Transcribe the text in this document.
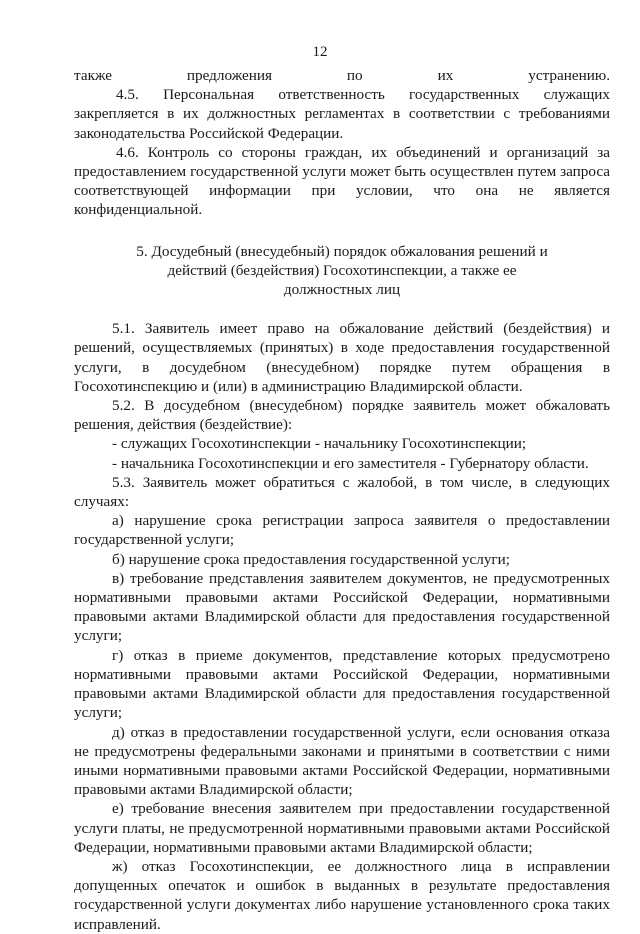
12

также предложения по их устранению.

4.5. Персональная ответственность государственных служащих закрепляется в их должностных регламентах в соответствии с требованиями законодательства Российской Федерации.

4.6. Контроль со стороны граждан, их объединений и организаций за предоставлением государственной услуги может быть осуществлен путем запроса соответствующей информации при условии, что она не является конфиденциальной.

5. Досудебный (внесудебный) порядок обжалования решений и действий (бездействия) Госохотинспекции, а также ее должностных лиц

5.1. Заявитель имеет право на обжалование действий (бездействия) и решений, осуществляемых (принятых) в ходе предоставления государственной услуги, в досудебном (внесудебном) порядке путем обращения в Госохотинспекцию и (или) в администрацию Владимирской области.

5.2. В досудебном (внесудебном) порядке заявитель может обжаловать решения, действия (бездействие):

- служащих Госохотинспекции - начальнику Госохотинспекции;

- начальника Госохотинспекции и его заместителя - Губернатору области.

5.3. Заявитель может обратиться с жалобой, в том числе, в следующих случаях:

а) нарушение срока регистрации запроса заявителя о предоставлении государственной услуги;

б) нарушение срока предоставления государственной услуги;

в) требование представления заявителем документов, не предусмотренных нормативными правовыми актами Российской Федерации, нормативными правовыми актами Владимирской области для предоставления государственной услуги;

г) отказ в приеме документов, представление которых предусмотрено нормативными правовыми актами Российской Федерации, нормативными правовыми актами Владимирской области для предоставления государственной услуги;

д) отказ в предоставлении государственной услуги, если основания отказа не предусмотрены федеральными законами и принятыми в соответствии с ними иными нормативными правовыми актами Российской Федерации, нормативными правовыми актами Владимирской области;

е) требование внесения заявителем при предоставлении государственной услуги платы, не предусмотренной нормативными правовыми актами Российской Федерации, нормативными правовыми актами Владимирской области;

ж) отказ Госохотинспекции, ее должностного лица в исправлении допущенных опечаток и ошибок в выданных в результате предоставления государственной услуги документах либо нарушение установленного срока таких исправлений.
